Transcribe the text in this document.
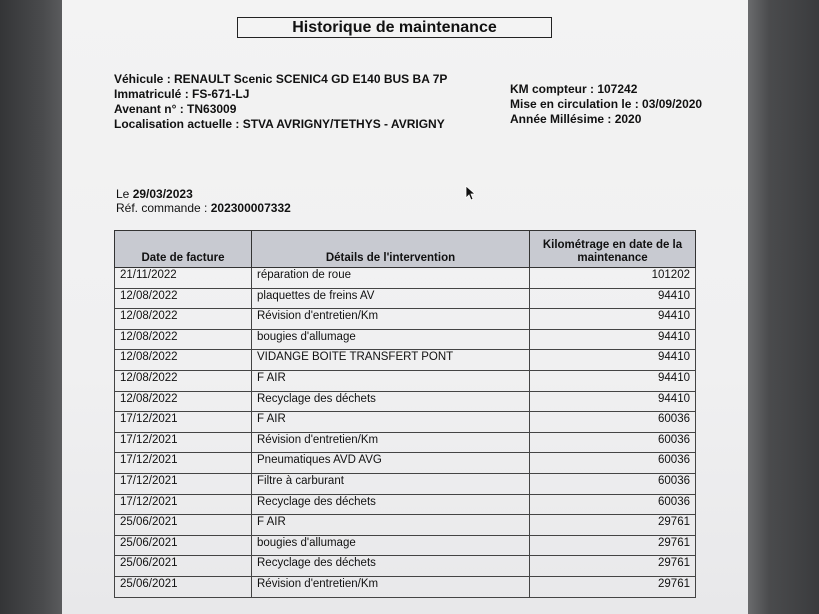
Historique de maintenance
Véhicule : RENAULT Scenic SCENIC4 GD E140 BUS BA 7P
Immatriculé : FS-671-LJ
Avenant n° : TN63009
Localisation actuelle : STVA AVRIGNY/TETHYS - AVRIGNY
KM compteur : 107242
Mise en circulation le : 03/09/2020
Année Millésime : 2020
Le 29/03/2023
Réf. commande : 202300007332
Date de facture	Détails de l'intervention	Kilométrage en date de la maintenance
21/11/2022	réparation de roue	101202
12/08/2022	plaquettes de freins AV	94410
12/08/2022	Révision d'entretien/Km	94410
12/08/2022	bougies d'allumage	94410
12/08/2022	VIDANGE BOITE TRANSFERT PONT	94410
12/08/2022	F AIR	94410
12/08/2022	Recyclage des déchets	94410
17/12/2021	F AIR	60036
17/12/2021	Révision d'entretien/Km	60036
17/12/2021	Pneumatiques AVD AVG	60036
17/12/2021	Filtre à carburant	60036
17/12/2021	Recyclage des déchets	60036
25/06/2021	F AIR	29761
25/06/2021	bougies d'allumage	29761
25/06/2021	Recyclage des déchets	29761
25/06/2021	Révision d'entretien/Km	29761
